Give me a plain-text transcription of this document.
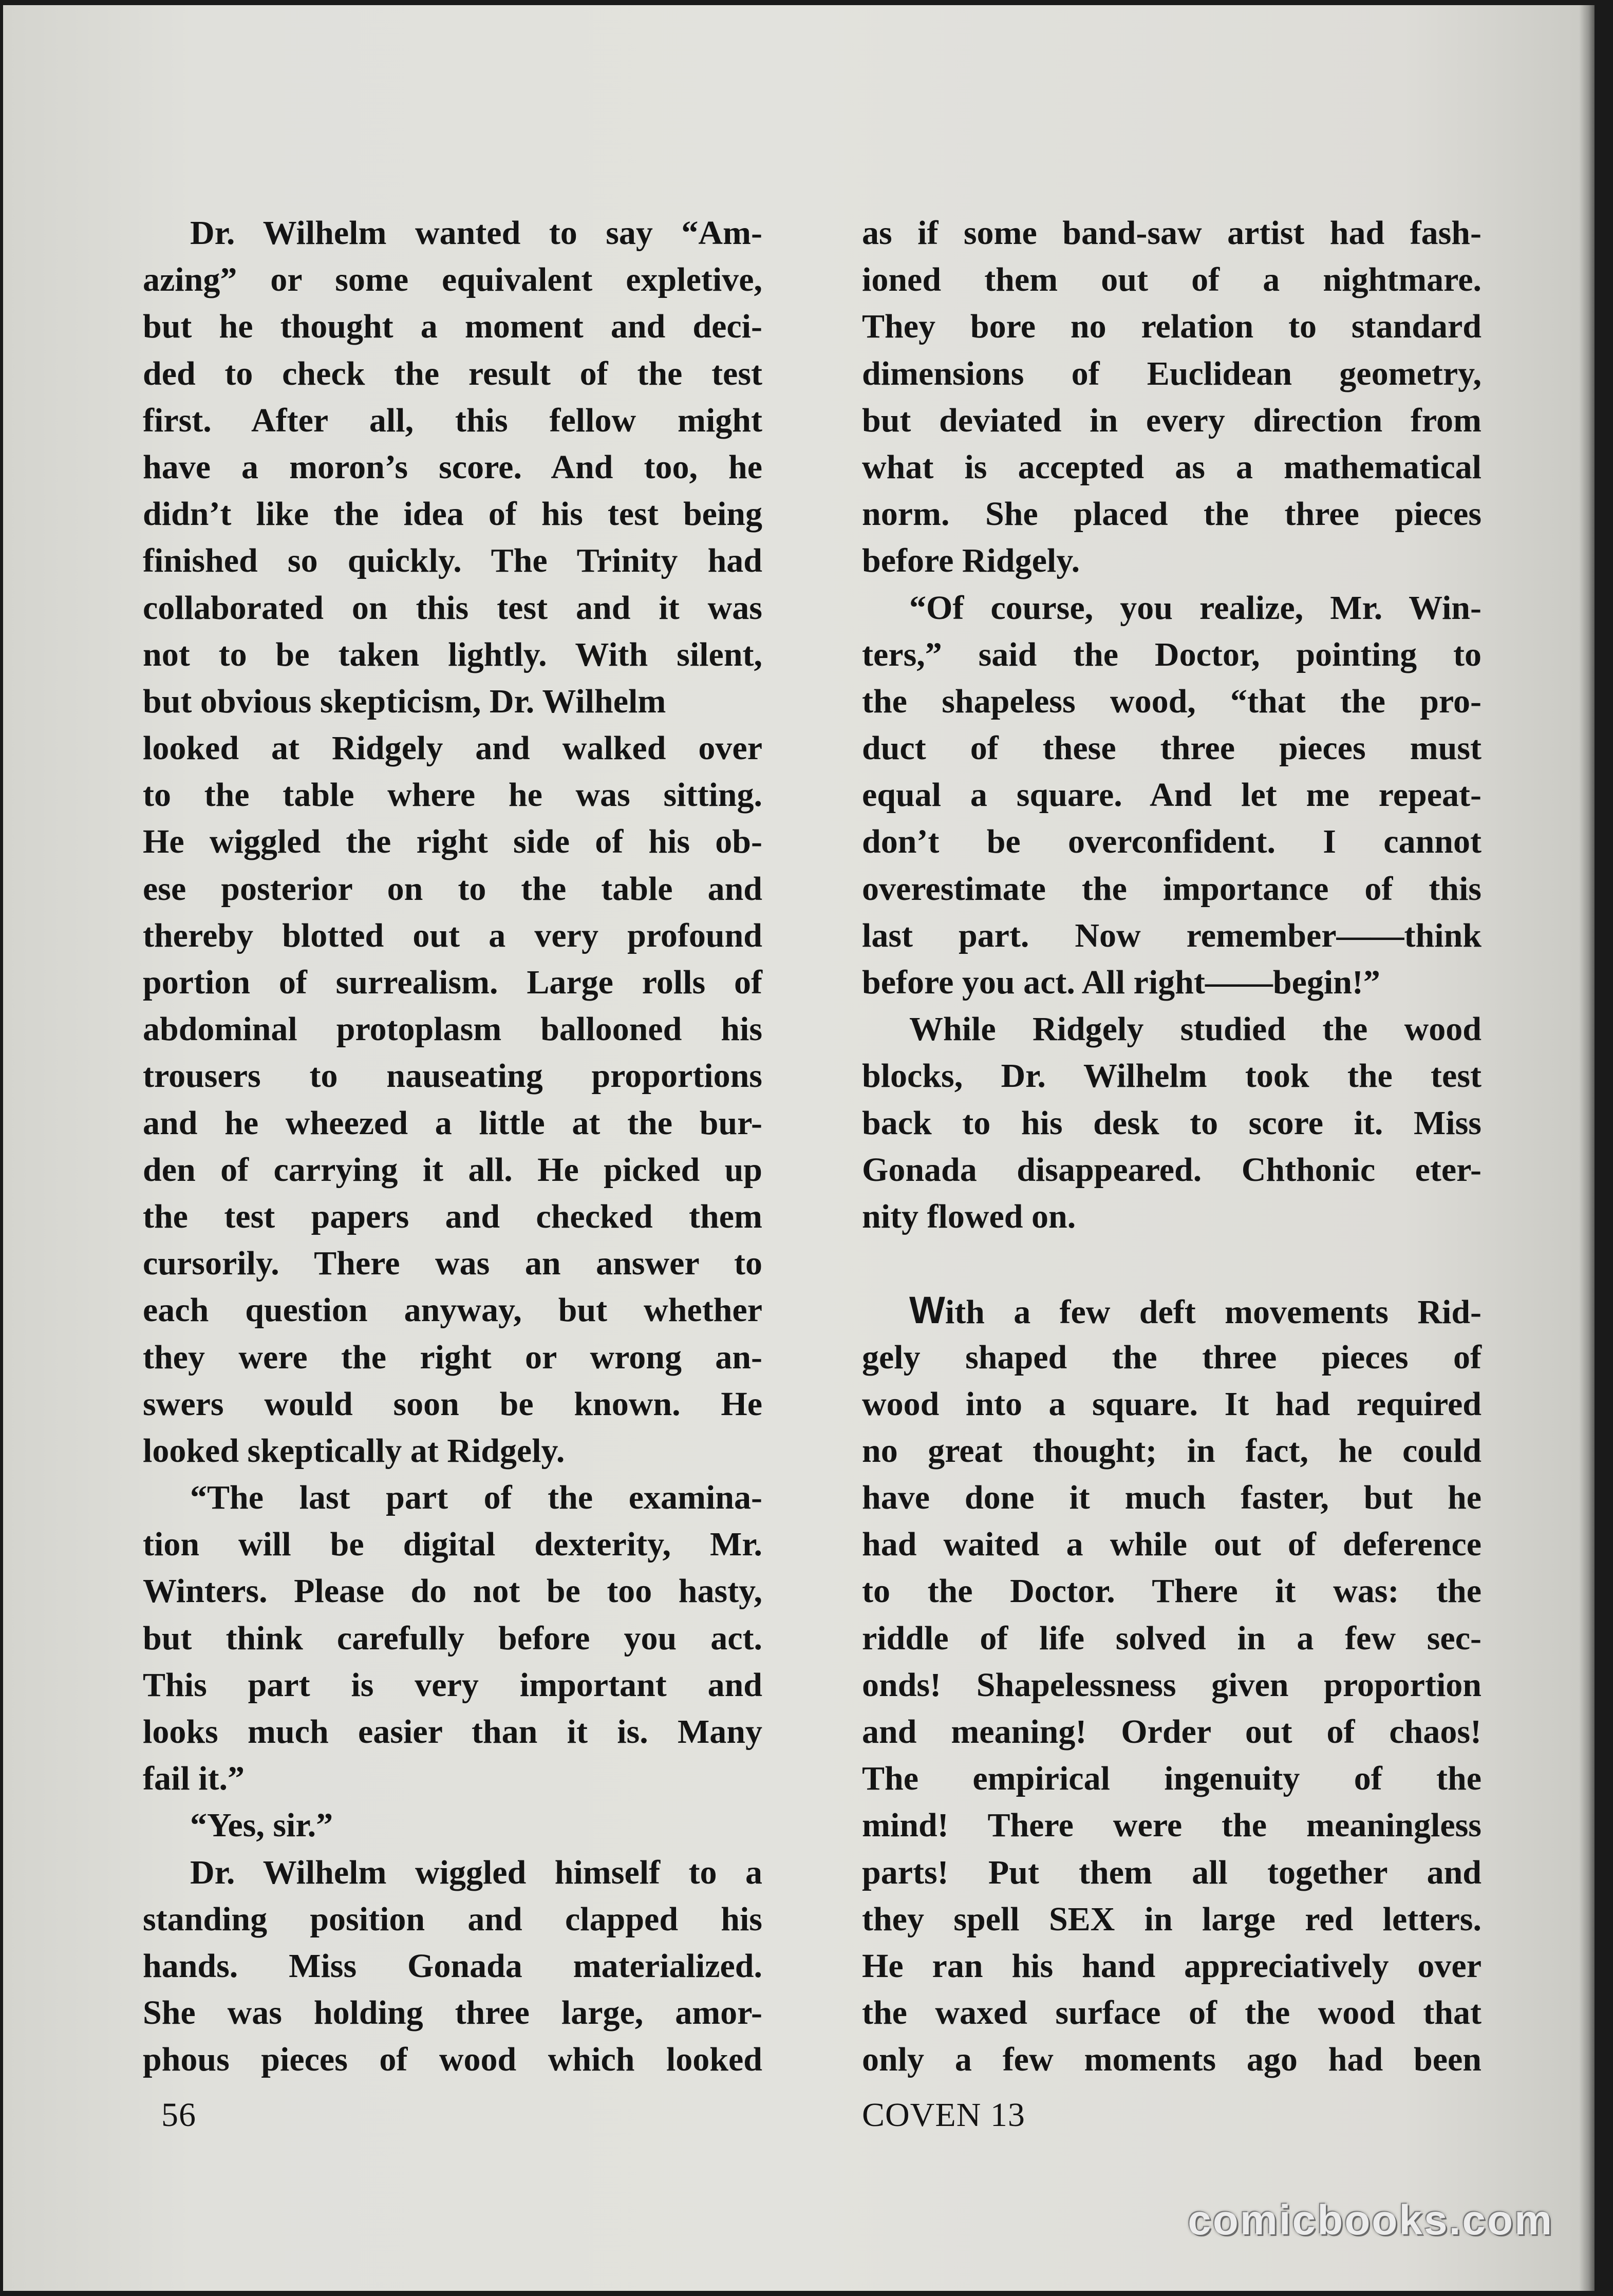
Dr. Wilhelm wanted to say “Am-
azing” or some equivalent expletive,
but he thought a moment and deci-
ded to check the result of the test
first. After all, this fellow might
have a moron’s score. And too, he
didn’t like the idea of his test being
finished so quickly. The Trinity had
collaborated on this test and it was
not to be taken lightly. With silent,
but obvious skepticism, Dr. Wilhelm
looked at Ridgely and walked over
to the table where he was sitting.
He wiggled the right side of his ob-
ese posterior on to the table and
thereby blotted out a very profound
portion of surrealism. Large rolls of
abdominal protoplasm ballooned his
trousers to nauseating proportions
and he wheezed a little at the bur-
den of carrying it all. He picked up
the test papers and checked them
cursorily. There was an answer to
each question anyway, but whether
they were the right or wrong an-
swers would soon be known. He
looked skeptically at Ridgely.
“The last part of the examina-
tion will be digital dexterity, Mr.
Winters. Please do not be too hasty,
but think carefully before you act.
This part is very important and
looks much easier than it is. Many
fail it.”
“Yes, sir.”
Dr. Wilhelm wiggled himself to a
standing position and clapped his
hands. Miss Gonada materialized.
She was holding three large, amor-
phous pieces of wood which looked
as if some band-saw artist had fash-
ioned them out of a nightmare.
They bore no relation to standard
dimensions of Euclidean geometry,
but deviated in every direction from
what is accepted as a mathematical
norm. She placed the three pieces
before Ridgely.
“Of course, you realize, Mr. Win-
ters,” said the Doctor, pointing to
the shapeless wood, “that the pro-
duct of these three pieces must
equal a square. And let me repeat-
don’t be overconfident. I cannot
overestimate the importance of this
last part. Now remember——think
before you act. All right——begin!”
While Ridgely studied the wood
blocks, Dr. Wilhelm took the test
back to his desk to score it. Miss
Gonada disappeared. Chthonic eter-
nity flowed on.
With a few deft movements Rid-
gely shaped the three pieces of
wood into a square. It had required
no great thought; in fact, he could
have done it much faster, but he
had waited a while out of deference
to the Doctor. There it was: the
riddle of life solved in a few sec-
onds! Shapelessness given proportion
and meaning! Order out of chaos!
The empirical ingenuity of the
mind! There were the meaningless
parts! Put them all together and
they spell SEX in large red letters.
He ran his hand appreciatively over
the waxed surface of the wood that
only a few moments ago had been
56	COVEN 13
comicbooks.com
